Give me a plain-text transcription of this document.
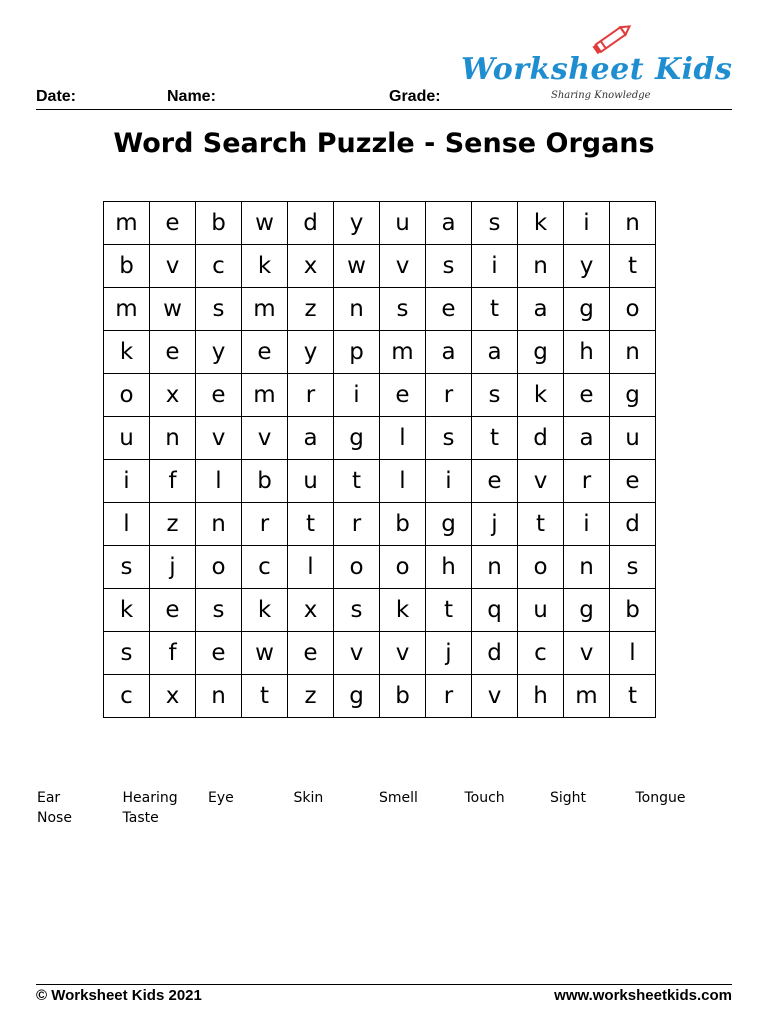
Date:	Name:	Grade:
Worksheet Kids
Sharing Knowledge
Word Search Puzzle - Sense Organs
m	e	b	w	d	y	u	a	s	k	i	n
b	v	c	k	x	w	v	s	i	n	y	t
m	w	s	m	z	n	s	e	t	a	g	o
k	e	y	e	y	p	m	a	a	g	h	n
o	x	e	m	r	i	e	r	s	k	e	g
u	n	v	v	a	g	l	s	t	d	a	u
i	f	l	b	u	t	l	i	e	v	r	e
l	z	n	r	t	r	b	g	j	t	i	d
s	j	o	c	l	o	o	h	n	o	n	s
k	e	s	k	x	s	k	t	q	u	g	b
s	f	e	w	e	v	v	j	d	c	v	l
c	x	n	t	z	g	b	r	v	h	m	t
Ear	Hearing	Eye	Skin	Smell	Touch	Sight	Tongue
Nose	Taste
© Worksheet Kids 2021	www.worksheetkids.com
